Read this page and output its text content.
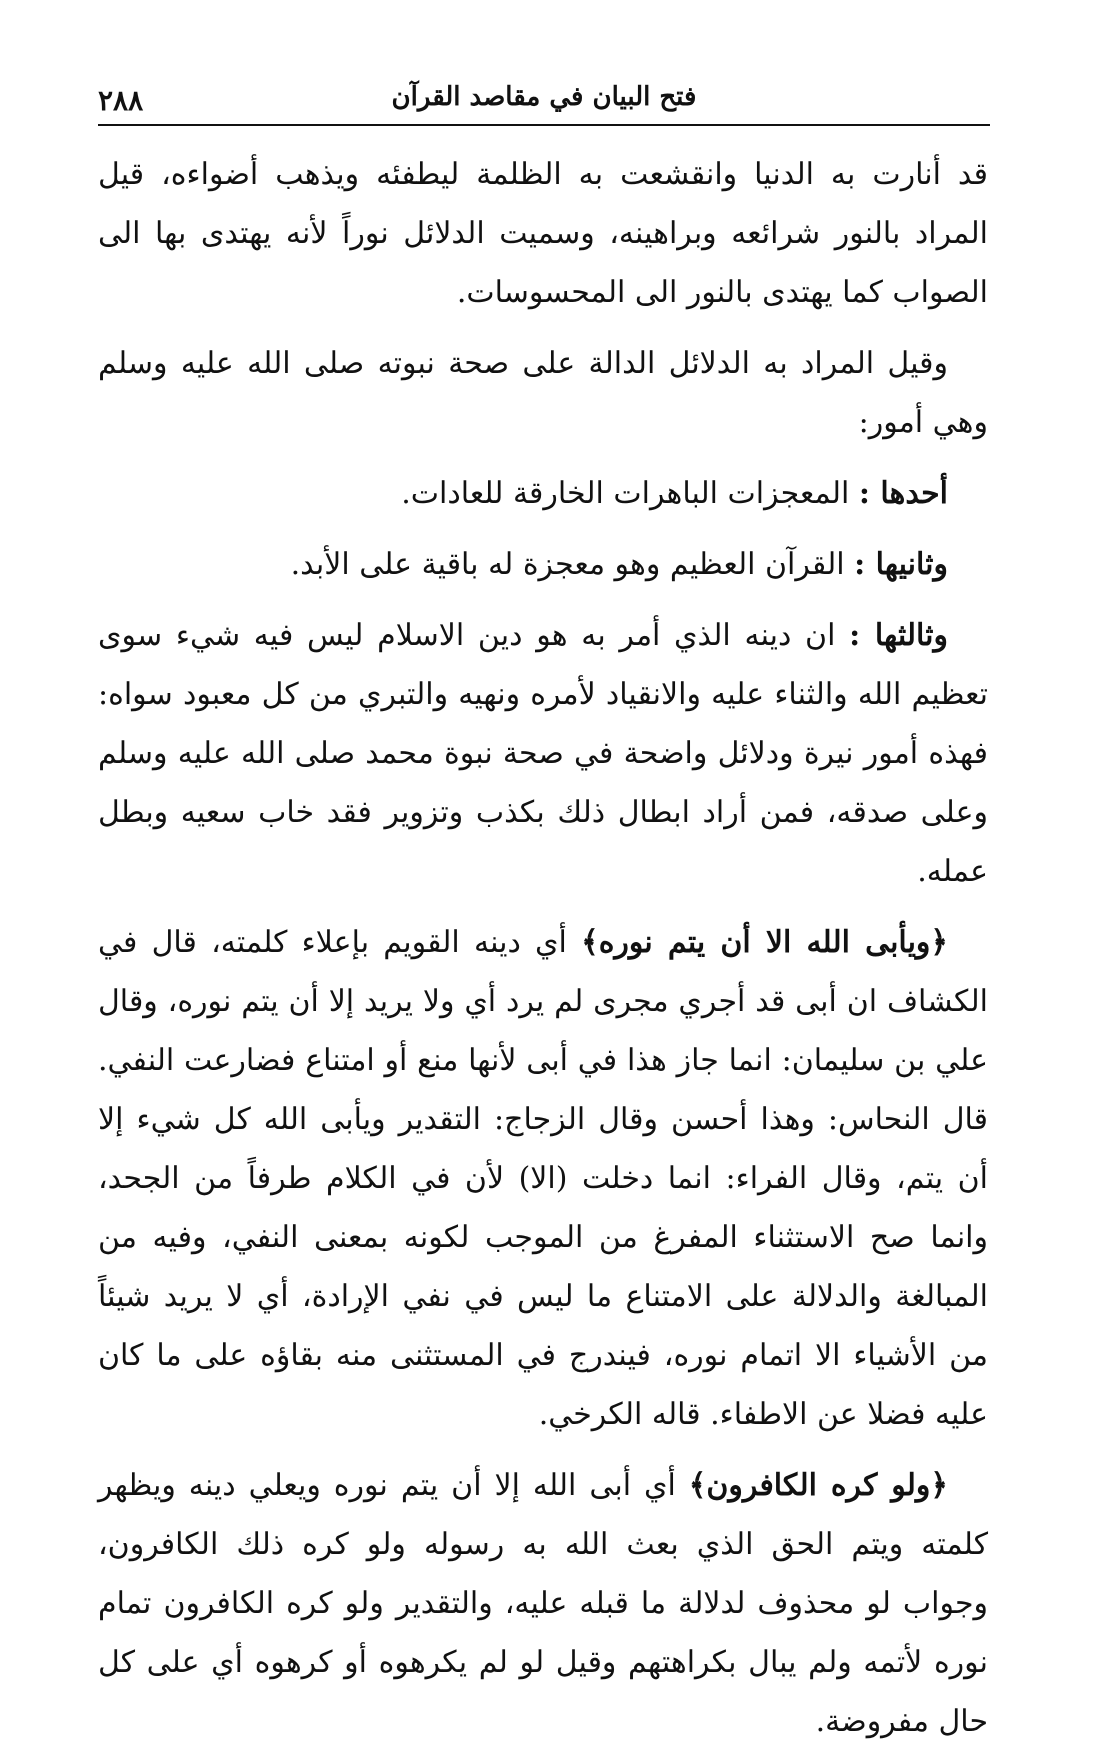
٢٨٨	فتح البيان في مقاصد القرآن

قد أنارت به الدنيا وانقشعت به الظلمة ليطفئه ويذهب أضواءه، قيل المراد بالنور شرائعه وبراهينه، وسميت الدلائل نوراً لأنه يهتدى بها الى الصواب كما يهتدى بالنور الى المحسوسات.

وقيل المراد به الدلائل الدالة على صحة نبوته صلى الله عليه وسلم وهي أمور:

أحدها : المعجزات الباهرات الخارقة للعادات.

وثانيها : القرآن العظيم وهو معجزة له باقية على الأبد.

وثالثها : ان دينه الذي أمر به هو دين الاسلام ليس فيه شيء سوى تعظيم الله والثناء عليه والانقياد لأمره ونهيه والتبري من كل معبود سواه: فهذه أمور نيرة ودلائل واضحة في صحة نبوة محمد صلى الله عليه وسلم وعلى صدقه، فمن أراد ابطال ذلك بكذب وتزوير فقد خاب سعيه وبطل عمله.

﴿ويأبى الله الا أن يتم نوره﴾ أي دينه القويم بإعلاء كلمته، قال في الكشاف ان أبى قد أجري مجرى لم يرد أي ولا يريد إلا أن يتم نوره، وقال علي بن سليمان: انما جاز هذا في أبى لأنها منع أو امتناع فضارعت النفي. قال النحاس: وهذا أحسن وقال الزجاج: التقدير ويأبى الله كل شيء إلا أن يتم، وقال الفراء: انما دخلت (الا) لأن في الكلام طرفاً من الجحد، وانما صح الاستثناء المفرغ من الموجب لكونه بمعنى النفي، وفيه من المبالغة والدلالة على الامتناع ما ليس في نفي الإرادة، أي لا يريد شيئاً من الأشياء الا اتمام نوره، فيندرج في المستثنى منه بقاؤه على ما كان عليه فضلا عن الاطفاء. قاله الكرخي.

﴿ولو كره الكافرون﴾ أي أبى الله إلا أن يتم نوره ويعلي دينه ويظهر كلمته ويتم الحق الذي بعث الله به رسوله ولو كره ذلك الكافرون، وجواب لو محذوف لدلالة ما قبله عليه، والتقدير ولو كره الكافرون تمام نوره لأتمه ولم يبال بكراهتهم وقيل لو لم يكرهوه أو كرهوه أي على كل حال مفروضة.
